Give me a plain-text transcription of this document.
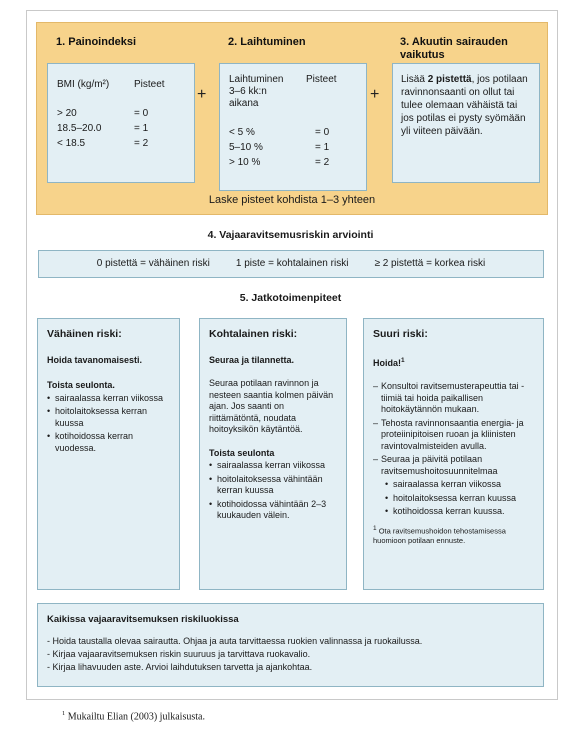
1. Painoindeksi	2. Laihtuminen	3. Akuutin sairauden vaikutus
BMI (kg/m²) Pisteet
> 20	= 0
18.5–20.0	= 1
< 18.5	= 2
+
Laihtuminen
3–6 kk:n
aikana
Pisteet
< 5 %	= 0
5–10 %	= 1
> 10 %	= 2
+
Lisää 2 pistettä, jos potilaan ravinnonsaanti on ollut tai tulee olemaan vähäistä tai jos potilas ei pysty syömään yli viiteen päivään.
Laske pisteet kohdista 1–3 yhteen
4. Vajaaravitsemusriskin arviointi
0 pistettä = vähäinen riski	1 piste = kohtalainen riski	≥ 2 pistettä = korkea riski
5. Jatkotoimenpiteet
Vähäinen riski:

Hoida tavanomaisesti.

Toista seulonta.

• sairaalassa kerran viikossa
• hoitolaitoksessa kerran kuussa
• kotihoidossa kerran vuodessa.
Kohtalainen riski:

Seuraa ja tilannetta.

Seuraa potilaan ravinnon ja nesteen saantia kolmen päivän ajan. Jos saanti on riittämätöntä, noudata hoitoyksikön käytäntöä.

Toista seulonta

• sairaalassa kerran viikossa
• hoitolaitoksessa vähintään kerran kuussa
• kotihoidossa vähintään 2–3 kuukauden välein.
Suuri riski:

Hoida!$^1$

– Konsultoi ravitsemusterapeuttia tai -tiimiä tai hoida paikallisen hoitokäytännön mukaan.
– Tehosta ravinnonsaantia energia- ja proteiinipitoisen ruoan ja kliinisten ravintovalmisteiden avulla.
– Seuraa ja päivitä potilaan ravitsemushoitosuunnitelmaa
• sairaalassa kerran viikossa
• hoitolaitoksessa kerran kuussa
• kotihoidossa kerran kuussa.
$^1$ Ota ravitsemushoidon tehostamisessa huomioon potilaan ennuste.
Kaikissa vajaaravitsemuksen riskiluokissa
- Hoida taustalla olevaa sairautta. Ohjaa ja auta tarvittaessa ruokien valinnassa ja ruokailussa.
- Kirjaa vajaaravitsemuksen riskin suuruus ja tarvittava ruokavalio.
- Kirjaa lihavuuden aste. Arvioi laihdutuksen tarvetta ja ajankohtaa.
$^1$ Mukailtu Elian (2003) julkaisusta.
